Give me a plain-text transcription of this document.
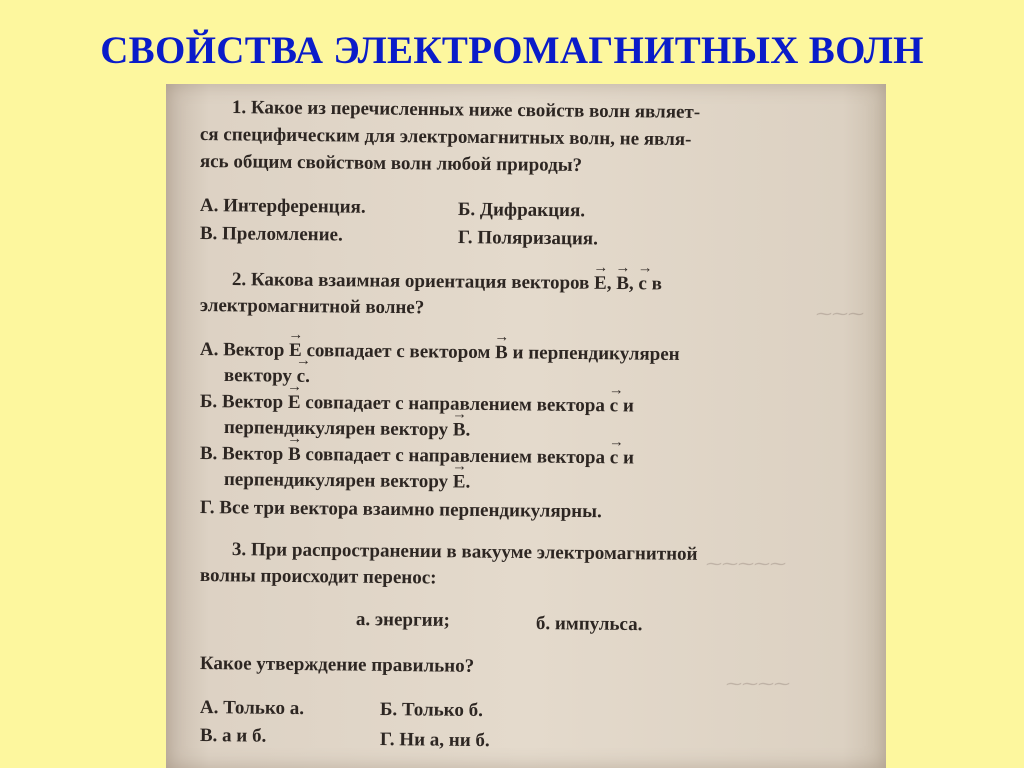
СВОЙСТВА ЭЛЕКТРОМАГНИТНЫХ ВОЛН
⁓⁓⁓
⁓⁓⁓⁓⁓
⁓⁓⁓⁓
1. Какое из перечисленных ниже свойств волн являет-
ся специфическим для электромагнитных волн, не явля-
ясь общим свойством волн любой природы?
А. Интерференция.	Б. Дифракция.
В. Преломление.	Г. Поляризация.
2. Какова взаимная ориентация векторов → E, → B, → c в
электромагнитной волне?
А. Вектор → E совпадает с вектором → B и перпендикулярен
вектору → c.
Б. Вектор → E совпадает с направлением вектора → c и
перпендикулярен вектору → B.
В. Вектор → B совпадает с направлением вектора → c и
перпендикулярен вектору → E.
Г. Все три вектора взаимно перпендикулярны.
3. При распространении в вакууме электромагнитной
волны происходит перенос:
а. энергии;	б. импульса.
Какое утверждение правильно?
А. Только а.	Б. Только б.
В. а и б.	Г. Ни а, ни б.
